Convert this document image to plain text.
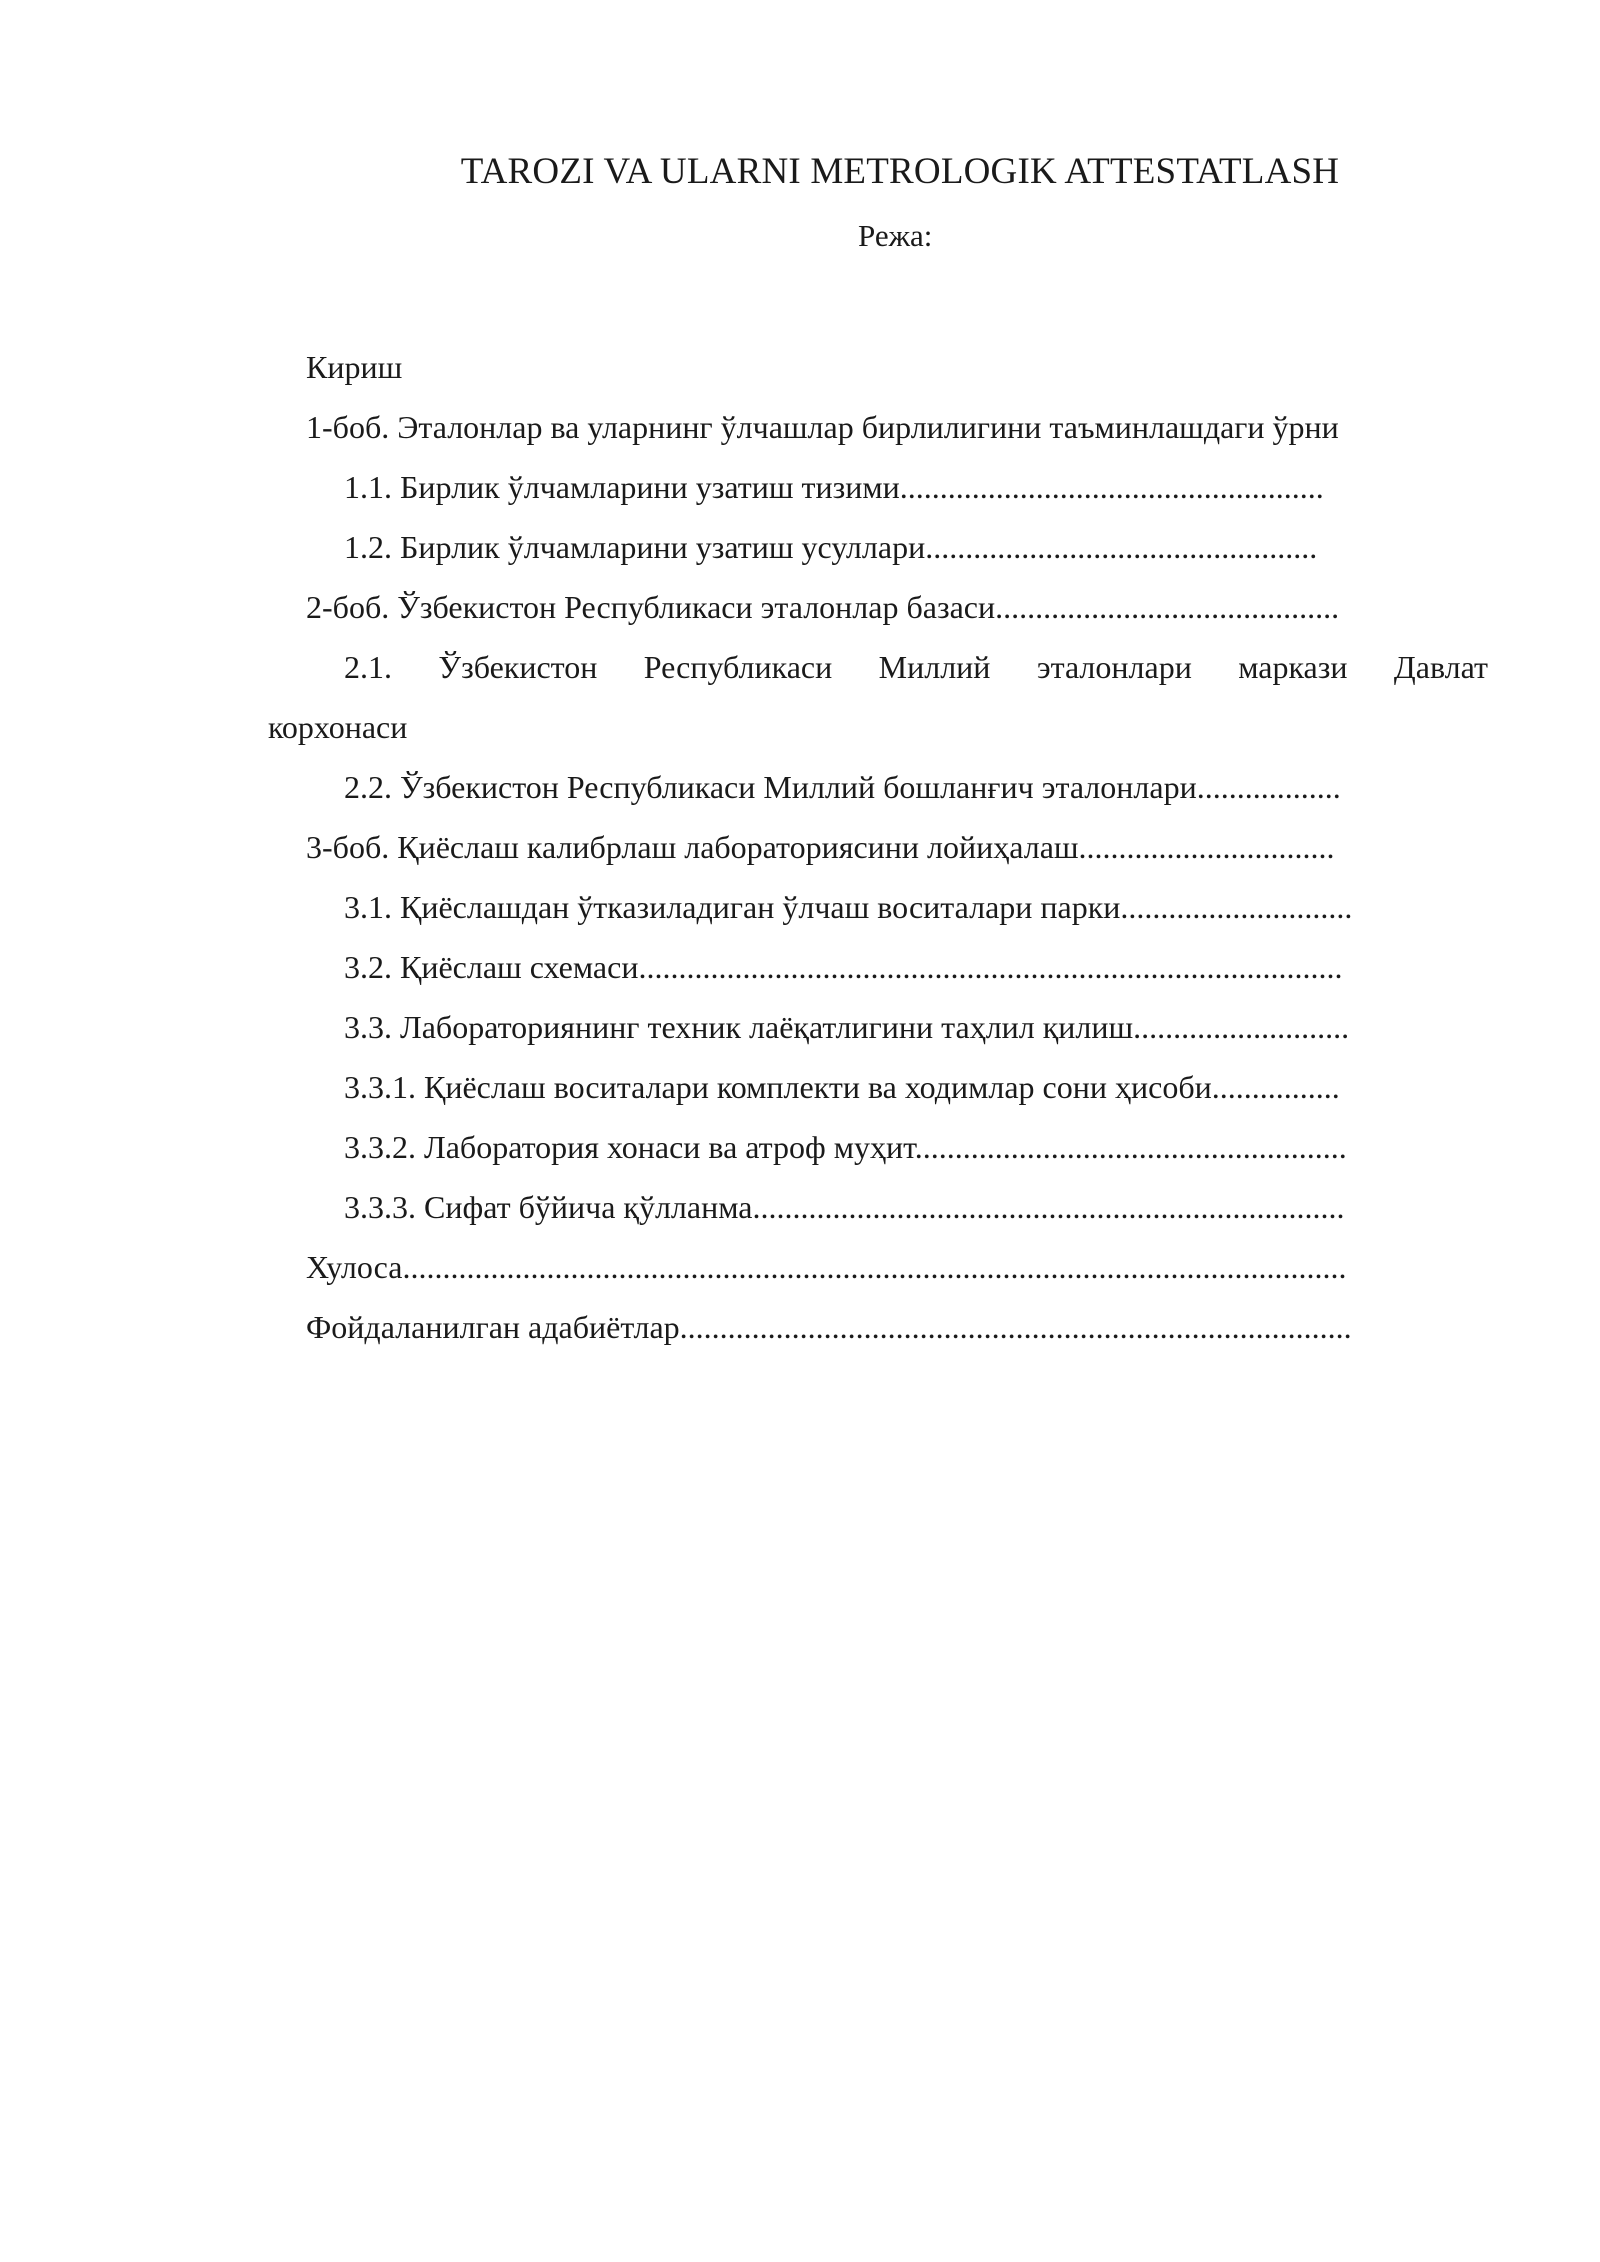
TAROZI VA ULARNI METROLOGIK ATTESTATLASH
Режа:
Кириш
1-боб. Эталонлар ва уларнинг ўлчашлар бирлилигини таъминлашдаги ўрни
1.1. Бирлик ўлчамларини узатиш тизими.....................................................
1.2. Бирлик ўлчамларини узатиш усуллари.................................................
2-боб. Ўзбекистон Республикаси эталонлар базаси...........................................
2.1. Ўзбекистон Республикаси Миллий эталонлари маркази Давлат
корхонаси
2.2. Ўзбекистон Республикаси Миллий бошланғич эталонлари..................
3-боб. Қиёслаш калибрлаш лабораториясини лойиҳалаш................................
3.1. Қиёслашдан ўтказиладиган ўлчаш воситалари парки.............................
3.2. Қиёслаш схемаси........................................................................................
3.3. Лабораториянинг техник лаёқатлигини таҳлил қилиш...........................
3.3.1. Қиёслаш воситалари комплекти ва ходимлар сони ҳисоби................
3.3.2. Лаборатория хонаси ва атроф муҳит......................................................
3.3.3. Сифат бўйича қўлланма..........................................................................
Хулоса......................................................................................................................
Фойдаланилган адабиётлар....................................................................................
